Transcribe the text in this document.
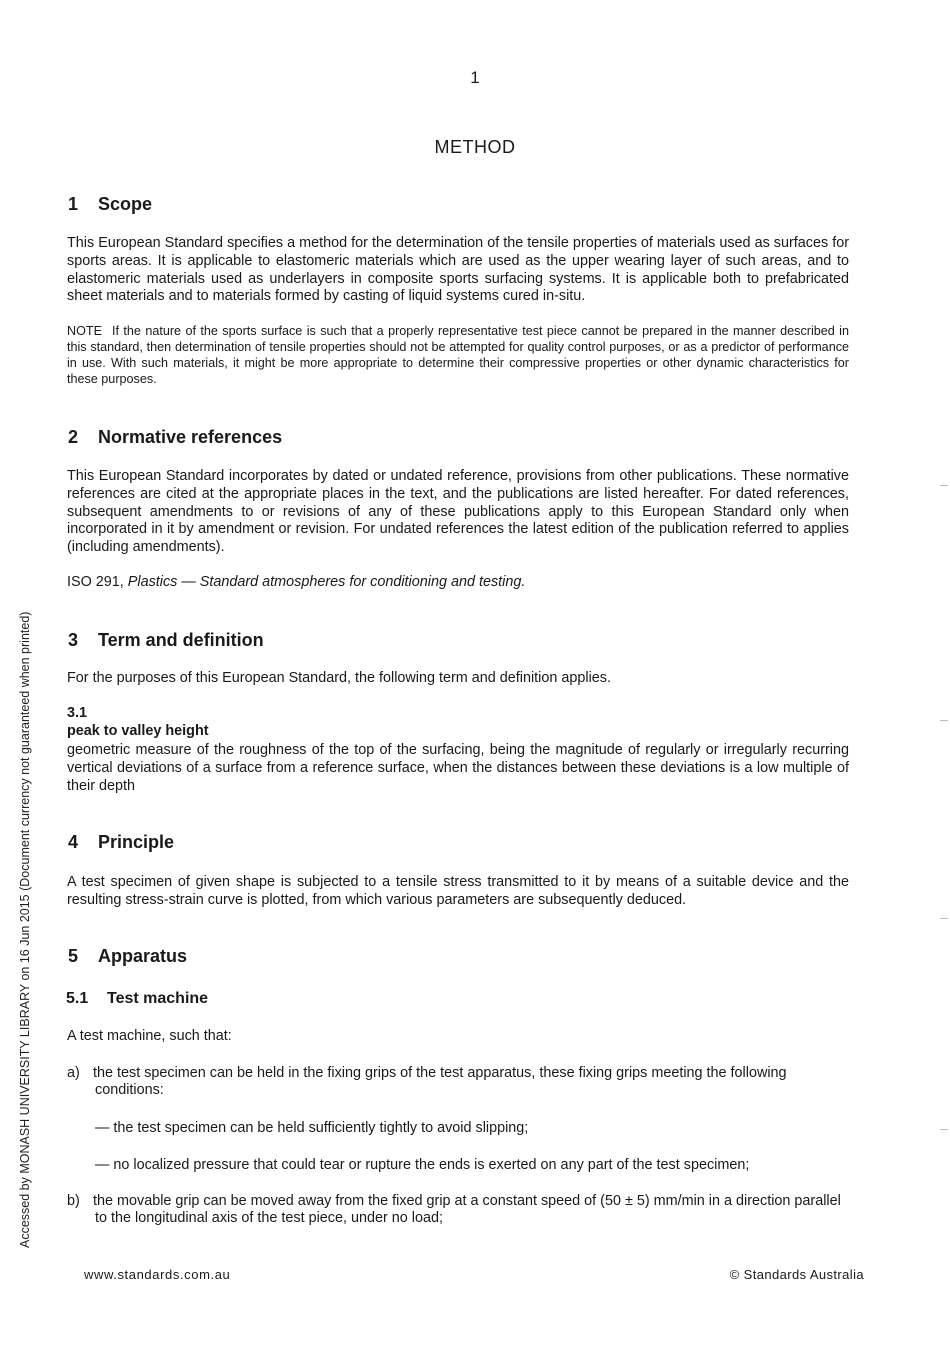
1
METHOD
1 Scope

This European Standard specifies a method for the determination of the tensile properties of materials used as surfaces for sports areas. It is applicable to elastomeric materials which are used as the upper wearing layer of such areas, and to elastomeric materials used as underlayers in composite sports surfacing systems. It is applicable both to prefabricated sheet materials and to materials formed by casting of liquid systems cured in-situ.

NOTE If the nature of the sports surface is such that a properly representative test piece cannot be prepared in the manner described in this standard, then determination of tensile properties should not be attempted for quality control purposes, or as a predictor of performance in use. With such materials, it might be more appropriate to determine their compressive properties or other dynamic characteristics for these purposes.

2 Normative references

This European Standard incorporates by dated or undated reference, provisions from other publications. These normative references are cited at the appropriate places in the text, and the publications are listed hereafter. For dated references, subsequent amendments to or revisions of any of these publications apply to this European Standard only when incorporated in it by amendment or revision. For undated references the latest edition of the publication referred to applies (including amendments).

ISO 291, Plastics — Standard atmospheres for conditioning and testing.

3 Term and definition

For the purposes of this European Standard, the following term and definition applies.

3.1

peak to valley height

geometric measure of the roughness of the top of the surfacing, being the magnitude of regularly or irregularly recurring vertical deviations of a surface from a reference surface, when the distances between these deviations is a low multiple of their depth

4 Principle

A test specimen of given shape is subjected to a tensile stress transmitted to it by means of a suitable device and the resulting stress-strain curve is plotted, from which various parameters are subsequently deduced.

5 Apparatus
5.1 Test machine

A test machine, such that:

a) the test specimen can be held in the fixing grips of the test apparatus, these fixing grips meeting the following conditions:
— the test specimen can be held sufficiently tightly to avoid slipping;
— no localized pressure that could tear or rupture the ends is exerted on any part of the test specimen;
b) the movable grip can be moved away from the fixed grip at a constant speed of (50 ± 5) mm/min in a direction parallel to the longitudinal axis of the test piece, under no load;
Accessed by MONASH UNIVERSITY LIBRARY on 16 Jun 2015 (Document currency not guaranteed when printed)
www.standards.com.au	© Standards Australia
